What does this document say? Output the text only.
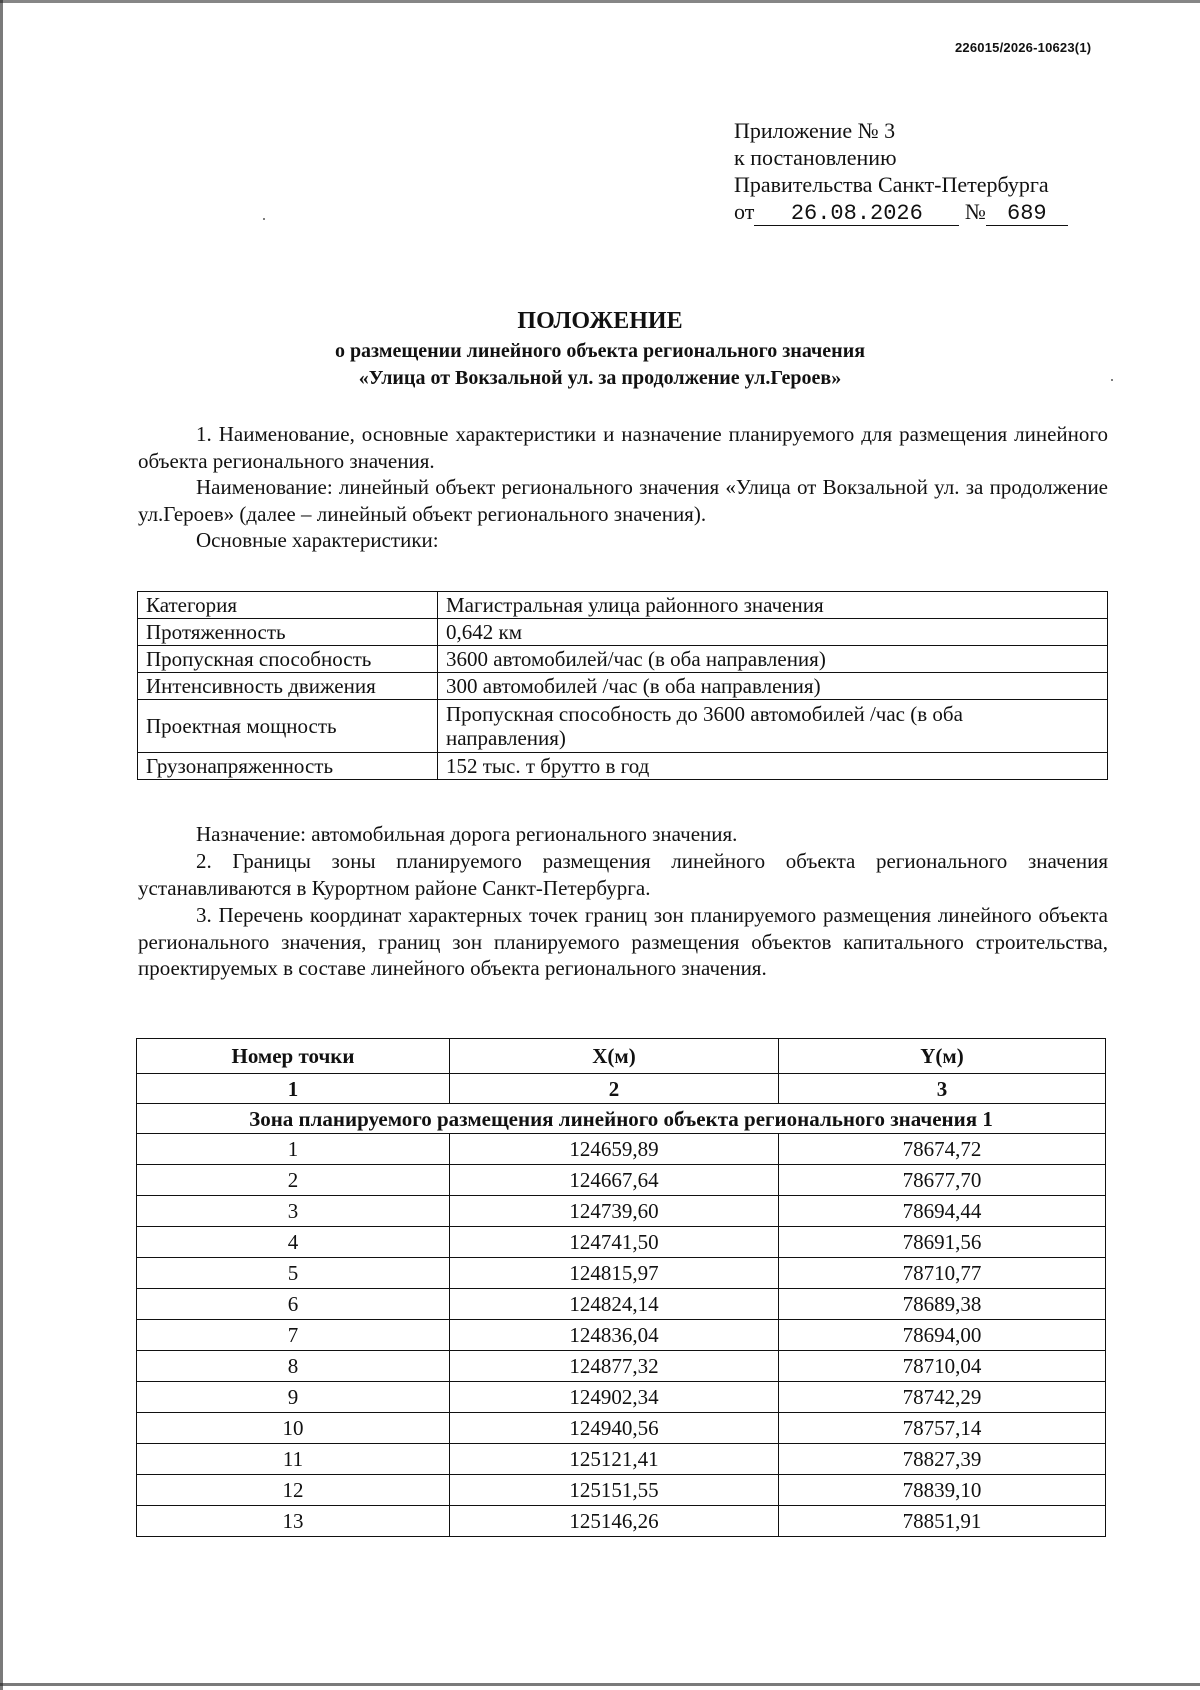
226015/2026-10623(1)
Приложение № 3
к постановлению
Правительства Санкт-Петербурга
от 26.08.2026 № 689
ПОЛОЖЕНИЕ
о размещении линейного объекта регионального значения
«Улица от Вокзальной ул. за продолжение ул.Героев»
1. Наименование, основные характеристики и назначение планируемого для размещения линейного объекта регионального значения.
Наименование: линейный объект регионального значения «Улица от Вокзальной ул. за продолжение ул.Героев» (далее – линейный объект регионального значения).
Основные характеристики:
Категория	Магистральная улица районного значения
Протяженность	0,642 км
Пропускная способность	3600 автомобилей/час (в оба направления)
Интенсивность движения	300 автомобилей /час (в оба направления)
Проектная мощность	Пропускная способность до 3600 автомобилей /час (в оба направления)
Грузонапряженность	152 тыс. т брутто в год
Назначение: автомобильная дорога регионального значения.
2. Границы зоны планируемого размещения линейного объекта регионального значения устанавливаются в Курортном районе Санкт-Петербурга.
3. Перечень координат характерных точек границ зон планируемого размещения линейного объекта регионального значения, границ зон планируемого размещения объектов капитального строительства, проектируемых в составе линейного объекта регионального значения.
Номер точки	X(м)	Y(м)
1	2	3
Зона планируемого размещения линейного объекта регионального значения 1		
1	124659,89	78674,72
2	124667,64	78677,70
3	124739,60	78694,44
4	124741,50	78691,56
5	124815,97	78710,77
6	124824,14	78689,38
7	124836,04	78694,00
8	124877,32	78710,04
9	124902,34	78742,29
10	124940,56	78757,14
11	125121,41	78827,39
12	125151,55	78839,10
13	125146,26	78851,91
